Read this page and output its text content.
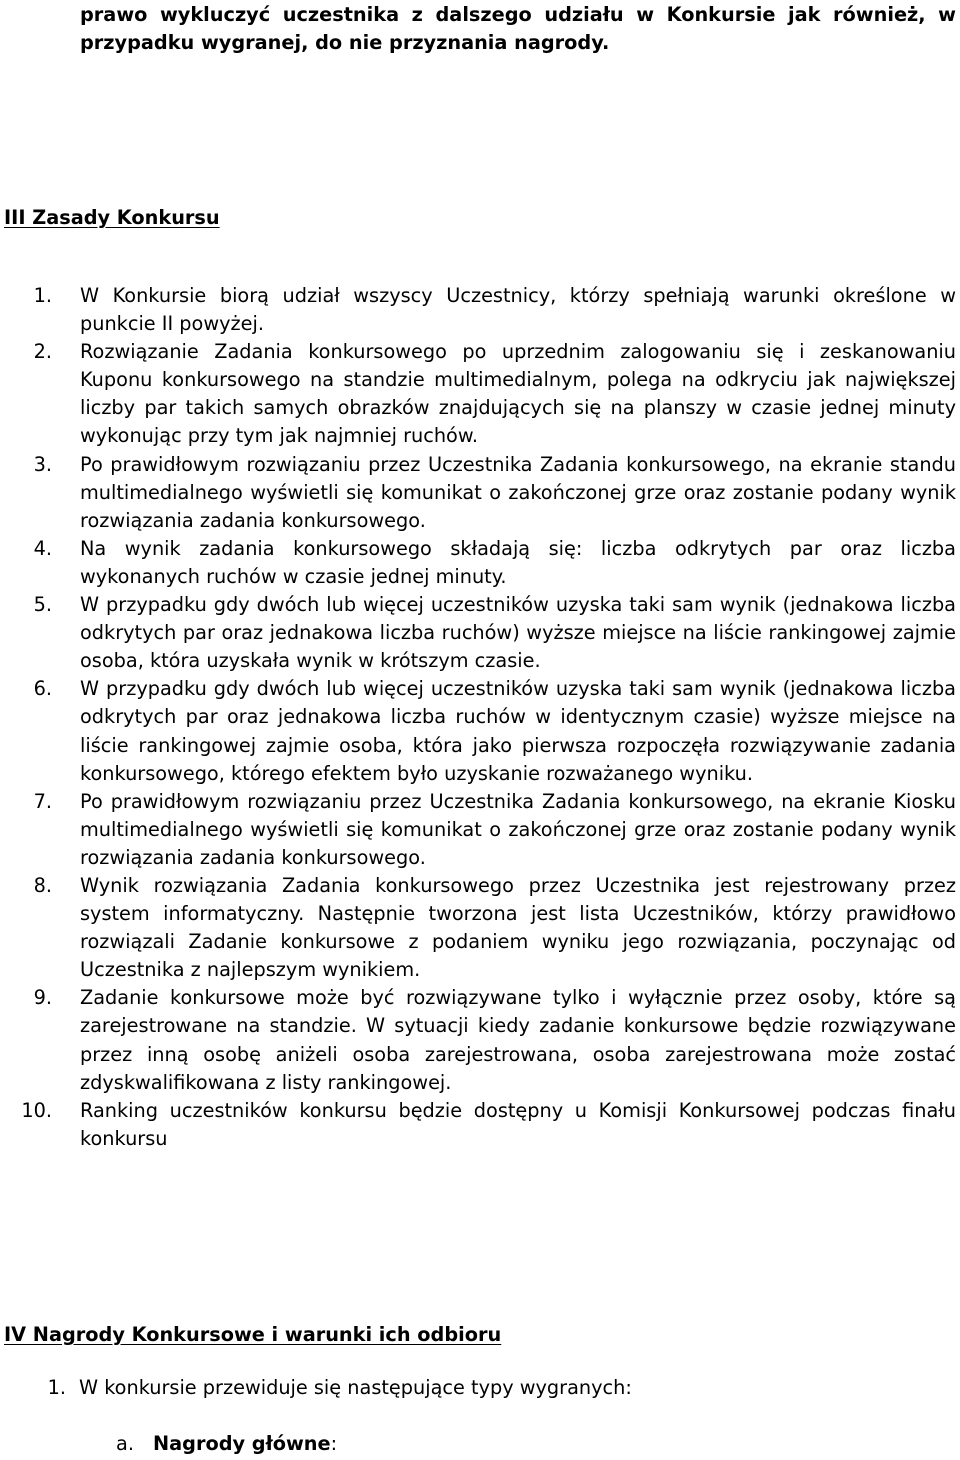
prawo wykluczyć uczestnika z dalszego udziału w Konkursie jak również, w przypadku wygranej, do nie przyznania nagrody.
III Zasady Konkursu
1. W Konkursie biorą udział wszyscy Uczestnicy, którzy spełniają warunki określone w punkcie II powyżej.
2. Rozwiązanie Zadania konkursowego po uprzednim zalogowaniu się i zeskanowaniu Kuponu konkursowego na standzie multimedialnym, polega na odkryciu jak największej liczby par takich samych obrazków znajdujących się na planszy w czasie jednej minuty wykonując przy tym jak najmniej ruchów.
3. Po prawidłowym rozwiązaniu przez Uczestnika Zadania konkursowego, na ekranie standu multimedialnego wyświetli się komunikat o zakończonej grze oraz zostanie podany wynik rozwiązania zadania konkursowego.
4. Na wynik zadania konkursowego składają się: liczba odkrytych par oraz liczba wykonanych ruchów w czasie jednej minuty.
5. W przypadku gdy dwóch lub więcej uczestników uzyska taki sam wynik (jednakowa liczba odkrytych par oraz jednakowa liczba ruchów) wyższe miejsce na liście rankingowej zajmie osoba, która uzyskała wynik w krótszym czasie.
6. W przypadku gdy dwóch lub więcej uczestników uzyska taki sam wynik (jednakowa liczba odkrytych par oraz jednakowa liczba ruchów w identycznym czasie) wyższe miejsce na liście rankingowej zajmie osoba, która jako pierwsza rozpoczęła rozwiązywanie zadania konkursowego, którego efektem było uzyskanie rozważanego wyniku.
7. Po prawidłowym rozwiązaniu przez Uczestnika Zadania konkursowego, na ekranie Kiosku multimedialnego wyświetli się komunikat o zakończonej grze oraz zostanie podany wynik rozwiązania zadania konkursowego.
8. Wynik rozwiązania Zadania konkursowego przez Uczestnika jest rejestrowany przez system informatyczny. Następnie tworzona jest lista Uczestników, którzy prawidłowo rozwiązali Zadanie konkursowe z podaniem wyniku jego rozwiązania, poczynając od Uczestnika z najlepszym wynikiem.
9. Zadanie konkursowe może być rozwiązywane tylko i wyłącznie przez osoby, które są zarejestrowane na standzie. W sytuacji kiedy zadanie konkursowe będzie rozwiązywane przez inną osobę aniżeli osoba zarejestrowana, osoba zarejestrowana może zostać zdyskwalifikowana z listy rankingowej.
10. Ranking uczestników konkursu będzie dostępny u Komisji Konkursowej podczas finału konkursu
IV Nagrody Konkursowe i warunki ich odbioru
1. W konkursie przewiduje się następujące typy wygranych:
a. Nagrody główne:
